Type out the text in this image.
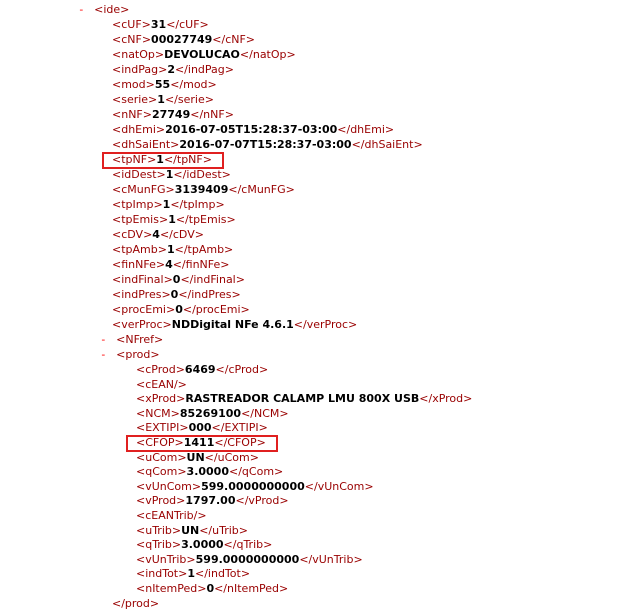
- <ide>
<cUF>31</cUF>
<cNF>00027749</cNF>
<natOp>DEVOLUCAO</natOp>
<indPag>2</indPag>
<mod>55</mod>
<serie>1</serie>
<nNF>27749</nNF>
<dhEmi>2016-07-05T15:28:37-03:00</dhEmi>
<dhSaiEnt>2016-07-07T15:28:37-03:00</dhSaiEnt>
<tpNF>1</tpNF>
<idDest>1</idDest>
<cMunFG>3139409</cMunFG>
<tpImp>1</tpImp>
<tpEmis>1</tpEmis>
<cDV>4</cDV>
<tpAmb>1</tpAmb>
<finNFe>4</finNFe>
<indFinal>0</indFinal>
<indPres>0</indPres>
<procEmi>0</procEmi>
<verProc>NDDigital NFe 4.6.1</verProc>
- <NFref>
- <prod>
<cProd>6469</cProd>
<cEAN/>
<xProd>RASTREADOR CALAMP LMU 800X USB</xProd>
<NCM>85269100</NCM>
<EXTIPI>000</EXTIPI>
<CFOP>1411</CFOP>
<uCom>UN</uCom>
<qCom>3.0000</qCom>
<vUnCom>599.0000000000</vUnCom>
<vProd>1797.00</vProd>
<cEANTrib/>
<uTrib>UN</uTrib>
<qTrib>3.0000</qTrib>
<vUnTrib>599.0000000000</vUnTrib>
<indTot>1</indTot>
<nItemPed>0</nItemPed>
</prod>
